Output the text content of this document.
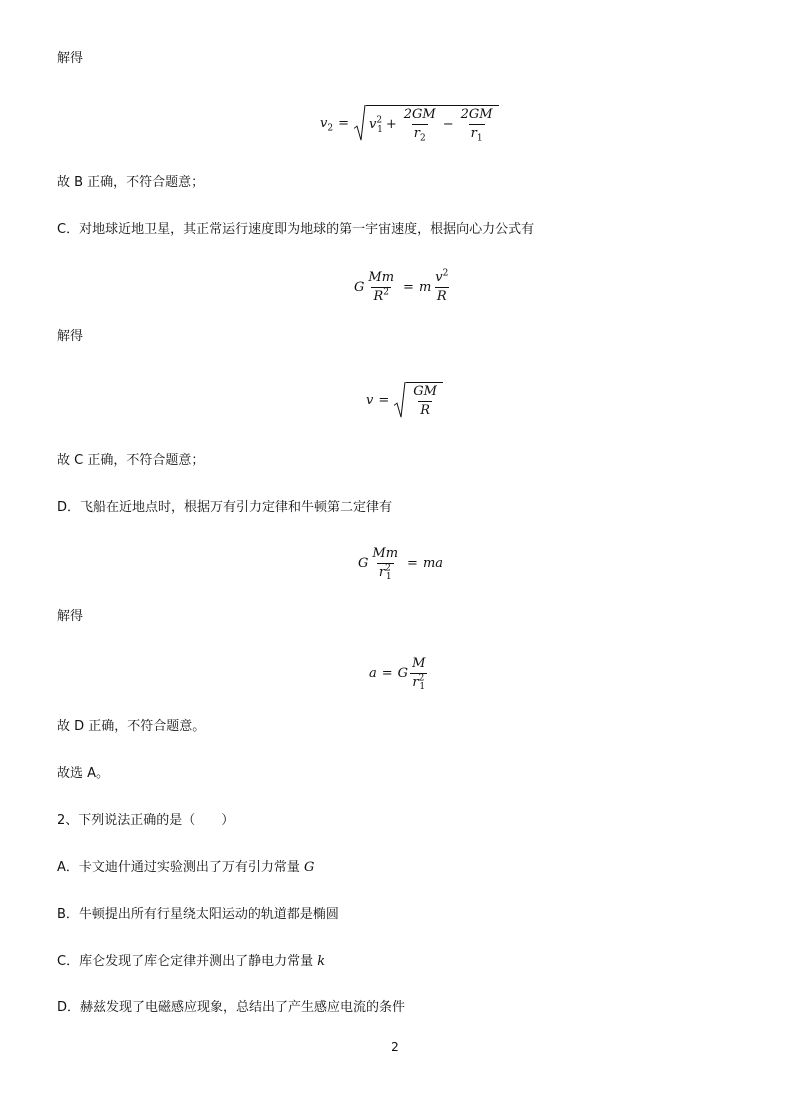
解得
$v_2 = v^2_1 + \frac{2GM}{r_2} - \frac{2GM}{r_1}$
故 B 正确，不符合题意；
C．对地球近地卫星，其正常运行速度即为地球的第一宇宙速度，根据向心力公式有
G $\frac{Mm}{R^2} = m \frac{v^2}{R}$
解得
$v = \frac{GM}{R}$
故 C 正确，不符合题意；
D．飞船在近地点时，根据万有引力定律和牛顿第二定律有
G $\frac{Mm}{r^2_1}$ = ma
解得
a = G $\frac{M}{r^2_1}$
故 D 正确，不符合题意。
故选 A。
2、下列说法正确的是（　　）
A．卡文迪什通过实验测出了万有引力常量 G
B．牛顿提出所有行星绕太阳运动的轨道都是椭圆
C．库仑发现了库仑定律并测出了静电力常量 k
D．赫兹发现了电磁感应现象，总结出了产生感应电流的条件
2
